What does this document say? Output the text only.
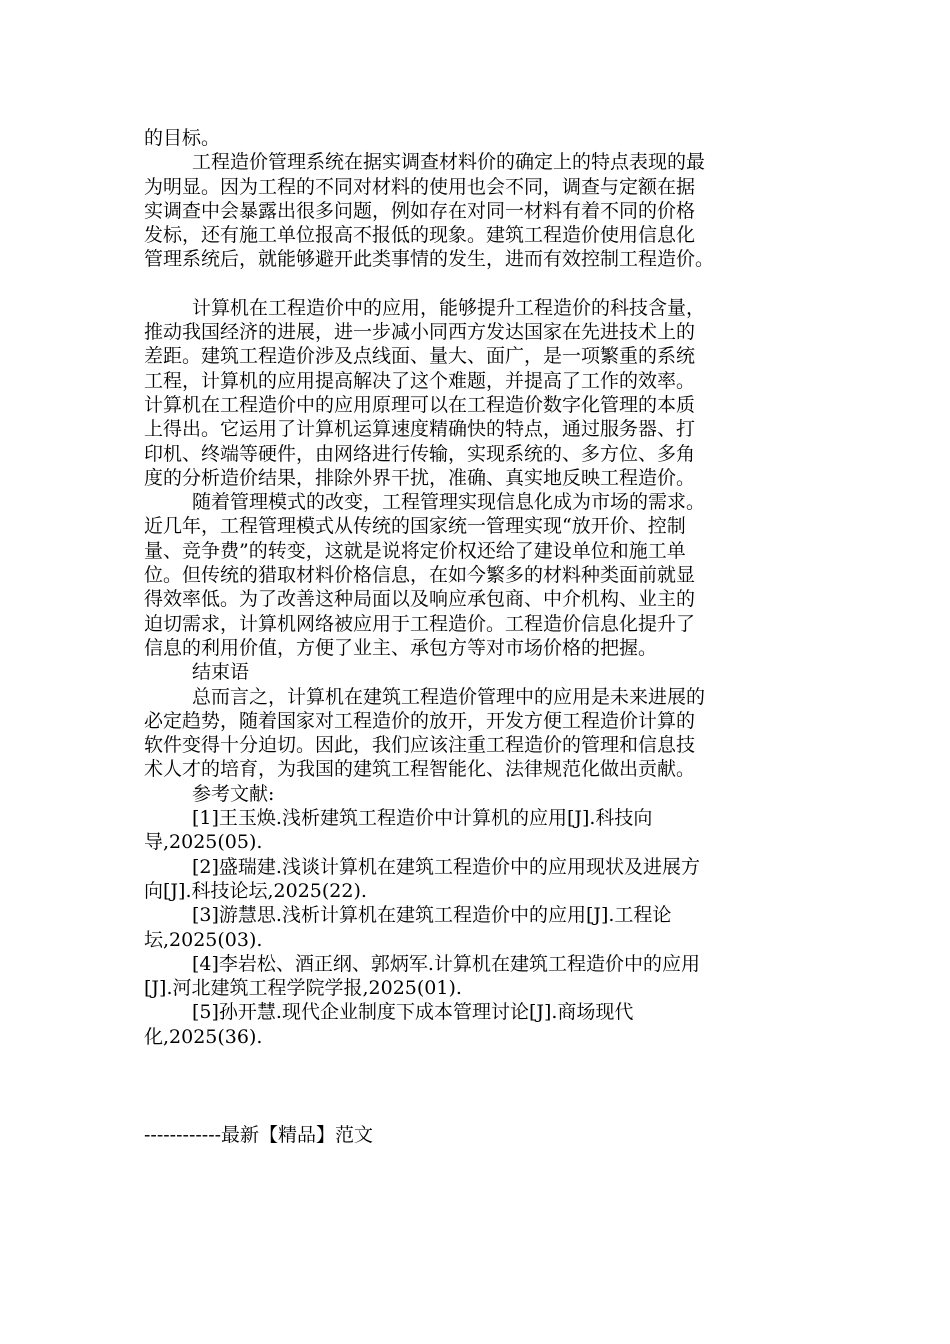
的目标。

工程造价管理系统在据实调查材料价的确定上的特点表现的最
为明显。因为工程的不同对材料的使用也会不同，调查与定额在据
实调查中会暴露出很多问题，例如存在对同一材料有着不同的价格
发标，还有施工单位报高不报低的现象。建筑工程造价使用信息化
管理系统后，就能够避开此类事情的发生，进而有效控制工程造价。

计算机在工程造价中的应用，能够提升工程造价的科技含量，
推动我国经济的进展，进一步减小同西方发达国家在先进技术上的
差距。建筑工程造价涉及点线面、量大、面广，是一项繁重的系统
工程，计算机的应用提高解决了这个难题，并提高了工作的效率。
计算机在工程造价中的应用原理可以在工程造价数字化管理的本质
上得出。它运用了计算机运算速度精确快的特点，通过服务器、打
印机、终端等硬件，由网络进行传输，实现系统的、多方位、多角
度的分析造价结果，排除外界干扰，准确、真实地反映工程造价。

随着管理模式的改变，工程管理实现信息化成为市场的需求。
近几年，工程管理模式从传统的国家统一管理实现“放开价、控制
量、竞争费”的转变，这就是说将定价权还给了建设单位和施工单
位。但传统的猎取材料价格信息，在如今繁多的材料种类面前就显
得效率低。为了改善这种局面以及响应承包商、中介机构、业主的
迫切需求，计算机网络被应用于工程造价。工程造价信息化提升了
信息的利用价值，方便了业主、承包方等对市场价格的把握。

结束语

总而言之，计算机在建筑工程造价管理中的应用是未来进展的
必定趋势，随着国家对工程造价的放开，开发方便工程造价计算的
软件变得十分迫切。因此，我们应该注重工程造价的管理和信息技
术人才的培育，为我国的建筑工程智能化、法律规范化做出贡献。

参考文献:

[1]王玉焕.浅析建筑工程造价中计算机的应用[J].科技向
导,2025(05).
[2]盛瑞建.浅谈计算机在建筑工程造价中的应用现状及进展方
向[J].科技论坛,2025(22).
[3]游慧思.浅析计算机在建筑工程造价中的应用[J].工程论
坛,2025(03).
[4]李岩松、酒正纲、郭炳军.计算机在建筑工程造价中的应用
[J].河北建筑工程学院学报,2025(01).
[5]孙开慧.现代企业制度下成本管理讨论[J].商场现代
化,2025(36).
------------最新【精品】范文
